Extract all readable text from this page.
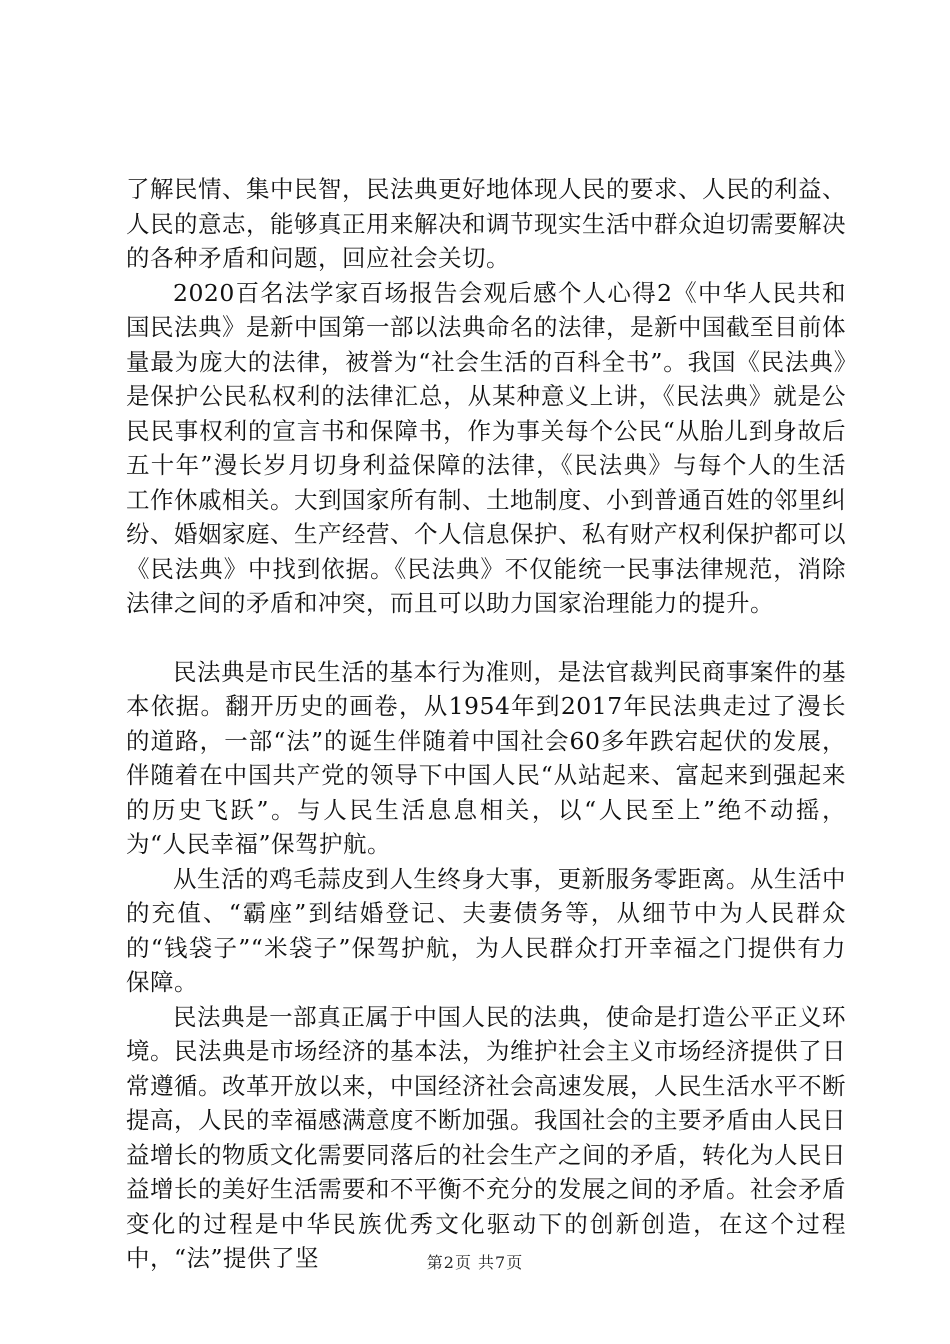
了解民情、集中民智，民法典更好地体现人民的要求、人民的利益、人民的意志，能够真正用来解决和调节现实生活中群众迫切需要解决的各种矛盾和问题，回应社会关切。

2020百名法学家百场报告会观后感个人心得2《中华人民共和国民法典》是新中国第一部以法典命名的法律，是新中国截至目前体量最为庞大的法律，被誉为“社会生活的百科全书”。我国《民法典》是保护公民私权利的法律汇总，从某种意义上讲，《民法典》就是公民民事权利的宣言书和保障书，作为事关每个公民“从胎儿到身故后五十年”漫长岁月切身利益保障的法律，《民法典》与每个人的生活工作休戚相关。大到国家所有制、土地制度、小到普通百姓的邻里纠纷、婚姻家庭、生产经营、个人信息保护、私有财产权利保护都可以《民法典》中找到依据。《民法典》不仅能统一民事法律规范，消除法律之间的矛盾和冲突，而且可以助力国家治理能力的提升。

民法典是市民生活的基本行为准则，是法官裁判民商事案件的基本依据。翻开历史的画卷，从1954年到2017年民法典走过了漫长的道路，一部“法”的诞生伴随着中国社会60多年跌宕起伏的发展，伴随着在中国共产党的领导下中国人民“从站起来、富起来到强起来的历史飞跃”。与人民生活息息相关，以“人民至上”绝不动摇，为“人民幸福”保驾护航。

从生活的鸡毛蒜皮到人生终身大事，更新服务零距离。从生活中的充值、“霸座”到结婚登记、夫妻债务等，从细节中为人民群众的“钱袋子”“米袋子”保驾护航，为人民群众打开幸福之门提供有力保障。

民法典是一部真正属于中国人民的法典，使命是打造公平正义环境。民法典是市场经济的基本法，为维护社会主义市场经济提供了日常遵循。改革开放以来，中国经济社会高速发展，人民生活水平不断提高，人民的幸福感满意度不断加强。我国社会的主要矛盾由人民日益增长的物质文化需要同落后的社会生产之间的矛盾，转化为人民日益增长的美好生活需要和不平衡不充分的发展之间的矛盾。社会矛盾变化的过程是中华民族优秀文化驱动下的创新创造，在这个过程中，“法”提供了坚	第2页 共7页
